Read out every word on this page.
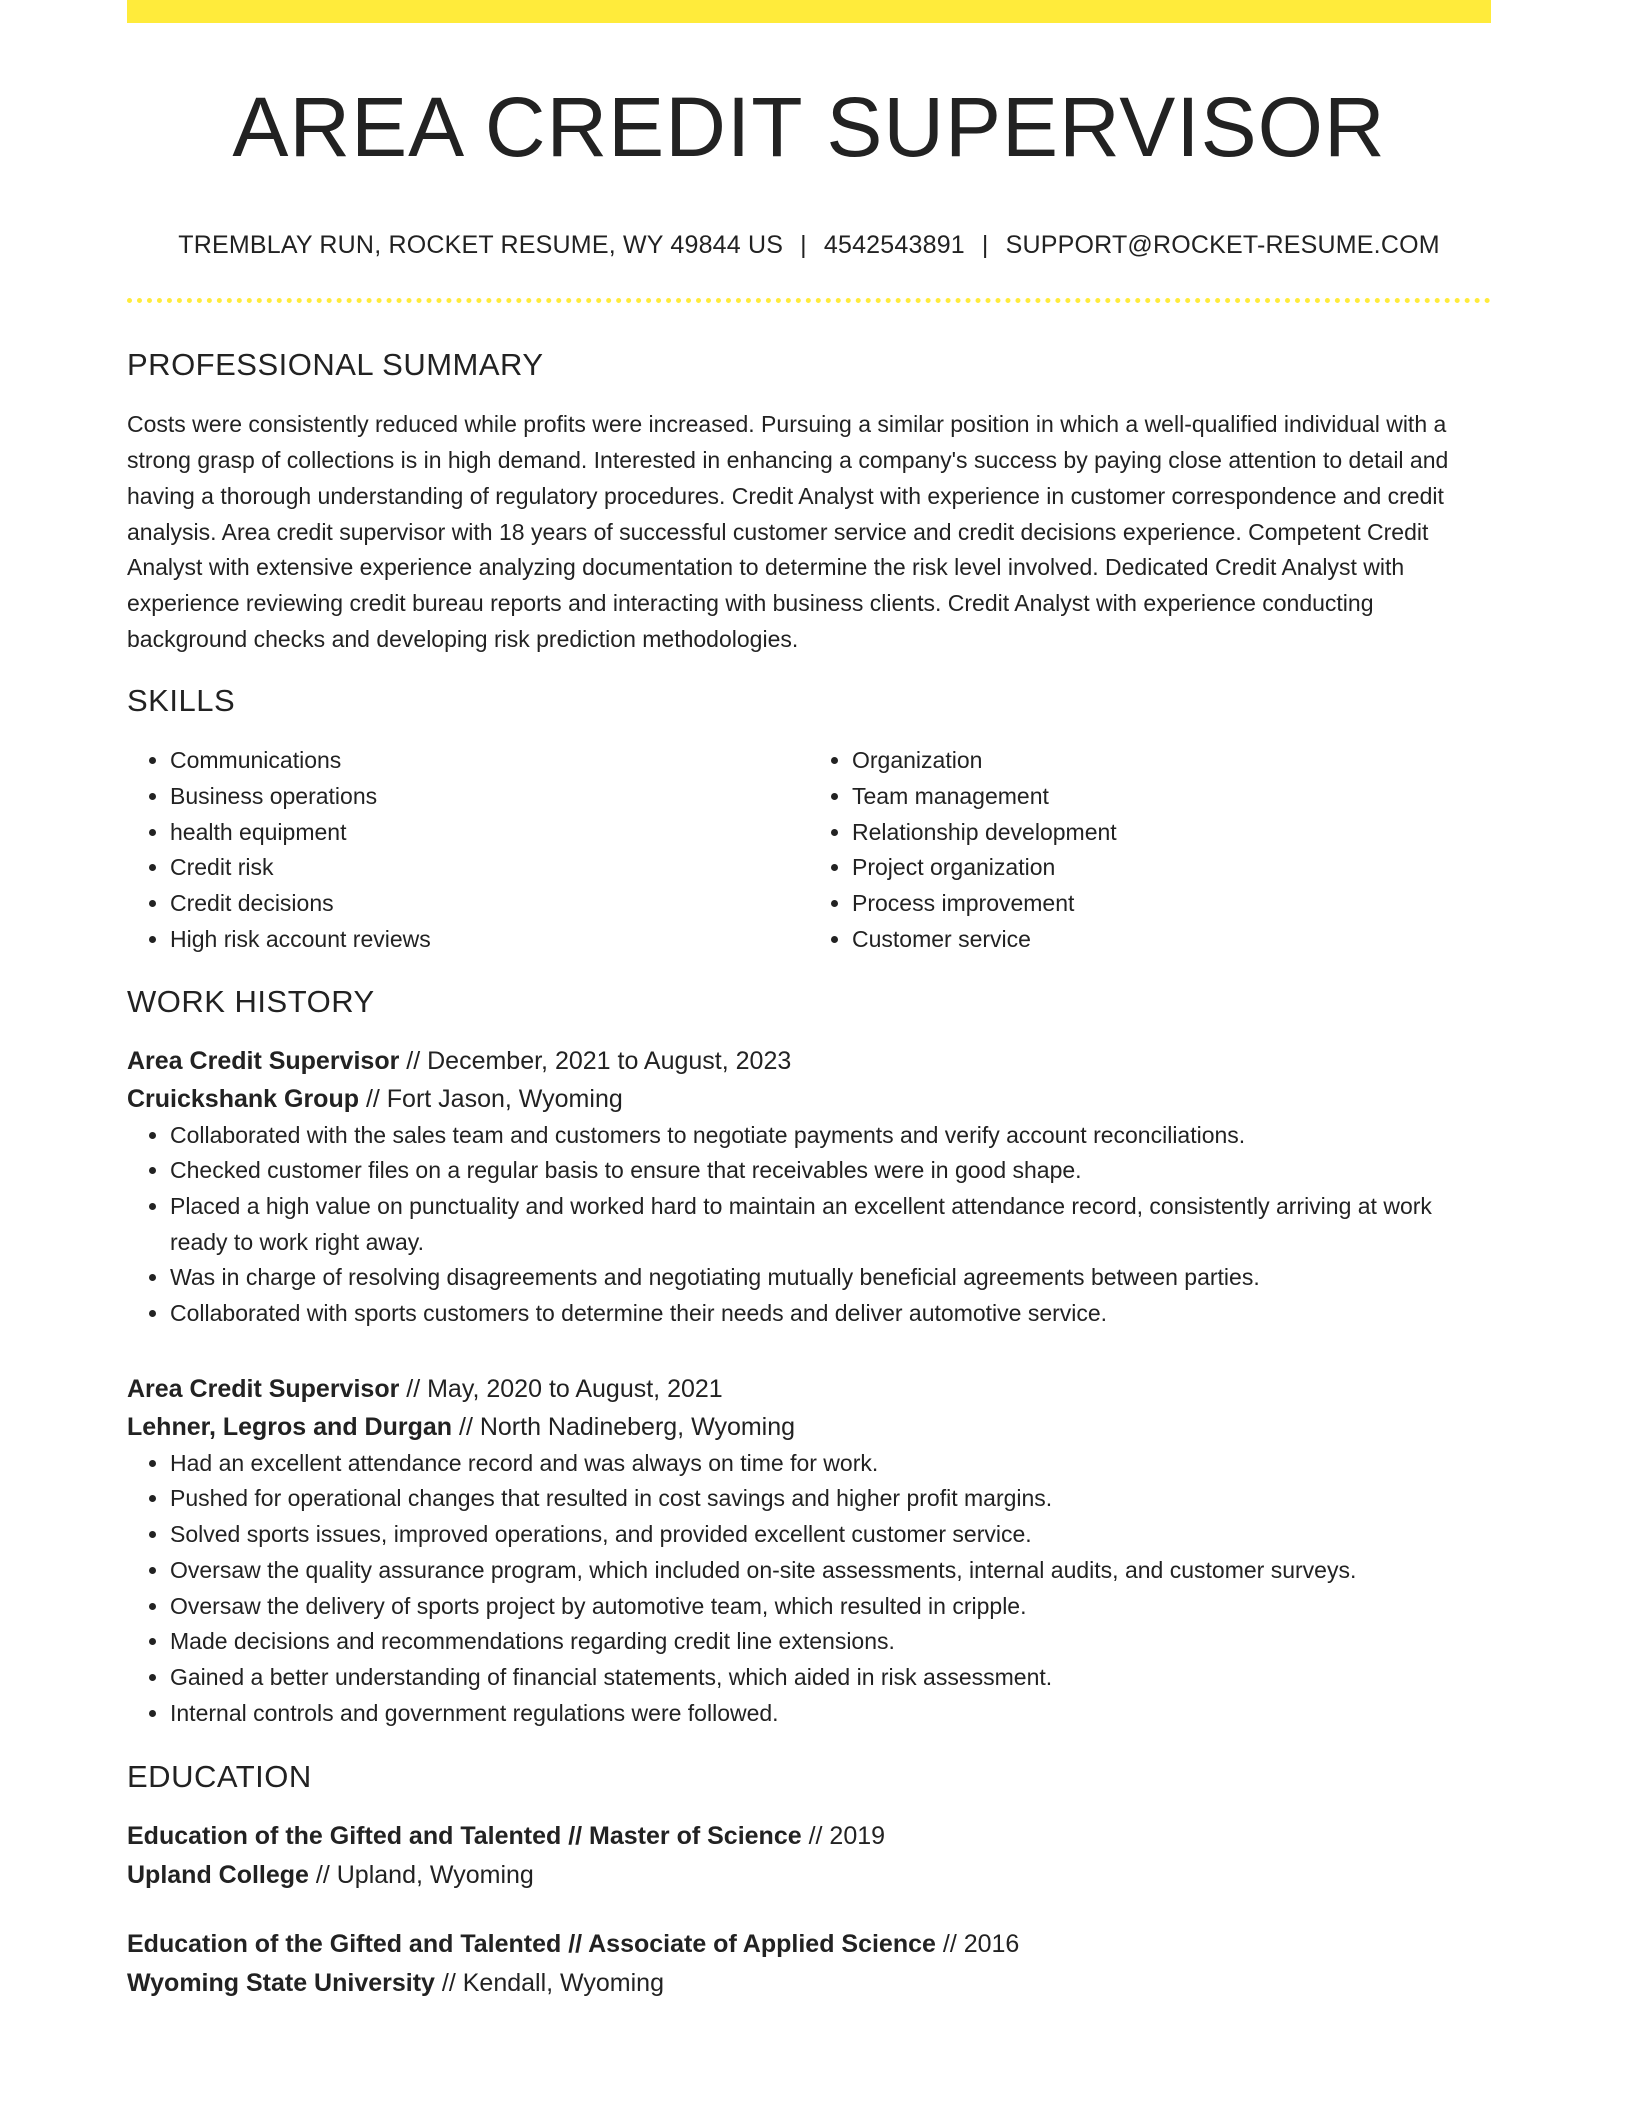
AREA CREDIT SUPERVISOR
TREMBLAY RUN, ROCKET RESUME, WY 49844 US | 4542543891 | SUPPORT@ROCKET-RESUME.COM
PROFESSIONAL SUMMARY
Costs were consistently reduced while profits were increased. Pursuing a similar position in which a well-qualified individual with a strong grasp of collections is in high demand. Interested in enhancing a company's success by paying close attention to detail and having a thorough understanding of regulatory procedures. Credit Analyst with experience in customer correspondence and credit analysis. Area credit supervisor with 18 years of successful customer service and credit decisions experience. Competent Credit Analyst with extensive experience analyzing documentation to determine the risk level involved. Dedicated Credit Analyst with experience reviewing credit bureau reports and interacting with business clients. Credit Analyst with experience conducting background checks and developing risk prediction methodologies.
SKILLS
• Communications
• Business operations
• health equipment
• Credit risk
• Credit decisions
• High risk account reviews
• Organization
• Team management
• Relationship development
• Project organization
• Process improvement
• Customer service
WORK HISTORY
Area Credit Supervisor // December, 2021 to August, 2023
Cruickshank Group // Fort Jason, Wyoming
• Collaborated with the sales team and customers to negotiate payments and verify account reconciliations.
• Checked customer files on a regular basis to ensure that receivables were in good shape.
• Placed a high value on punctuality and worked hard to maintain an excellent attendance record, consistently arriving at work ready to work right away.
• Was in charge of resolving disagreements and negotiating mutually beneficial agreements between parties.
• Collaborated with sports customers to determine their needs and deliver automotive service.
Area Credit Supervisor // May, 2020 to August, 2021
Lehner, Legros and Durgan // North Nadineberg, Wyoming
• Had an excellent attendance record and was always on time for work.
• Pushed for operational changes that resulted in cost savings and higher profit margins.
• Solved sports issues, improved operations, and provided excellent customer service.
• Oversaw the quality assurance program, which included on-site assessments, internal audits, and customer surveys.
• Oversaw the delivery of sports project by automotive team, which resulted in cripple.
• Made decisions and recommendations regarding credit line extensions.
• Gained a better understanding of financial statements, which aided in risk assessment.
• Internal controls and government regulations were followed.
EDUCATION
Education of the Gifted and Talented // Master of Science // 2019
Upland College // Upland, Wyoming
Education of the Gifted and Talented // Associate of Applied Science // 2016
Wyoming State University // Kendall, Wyoming
